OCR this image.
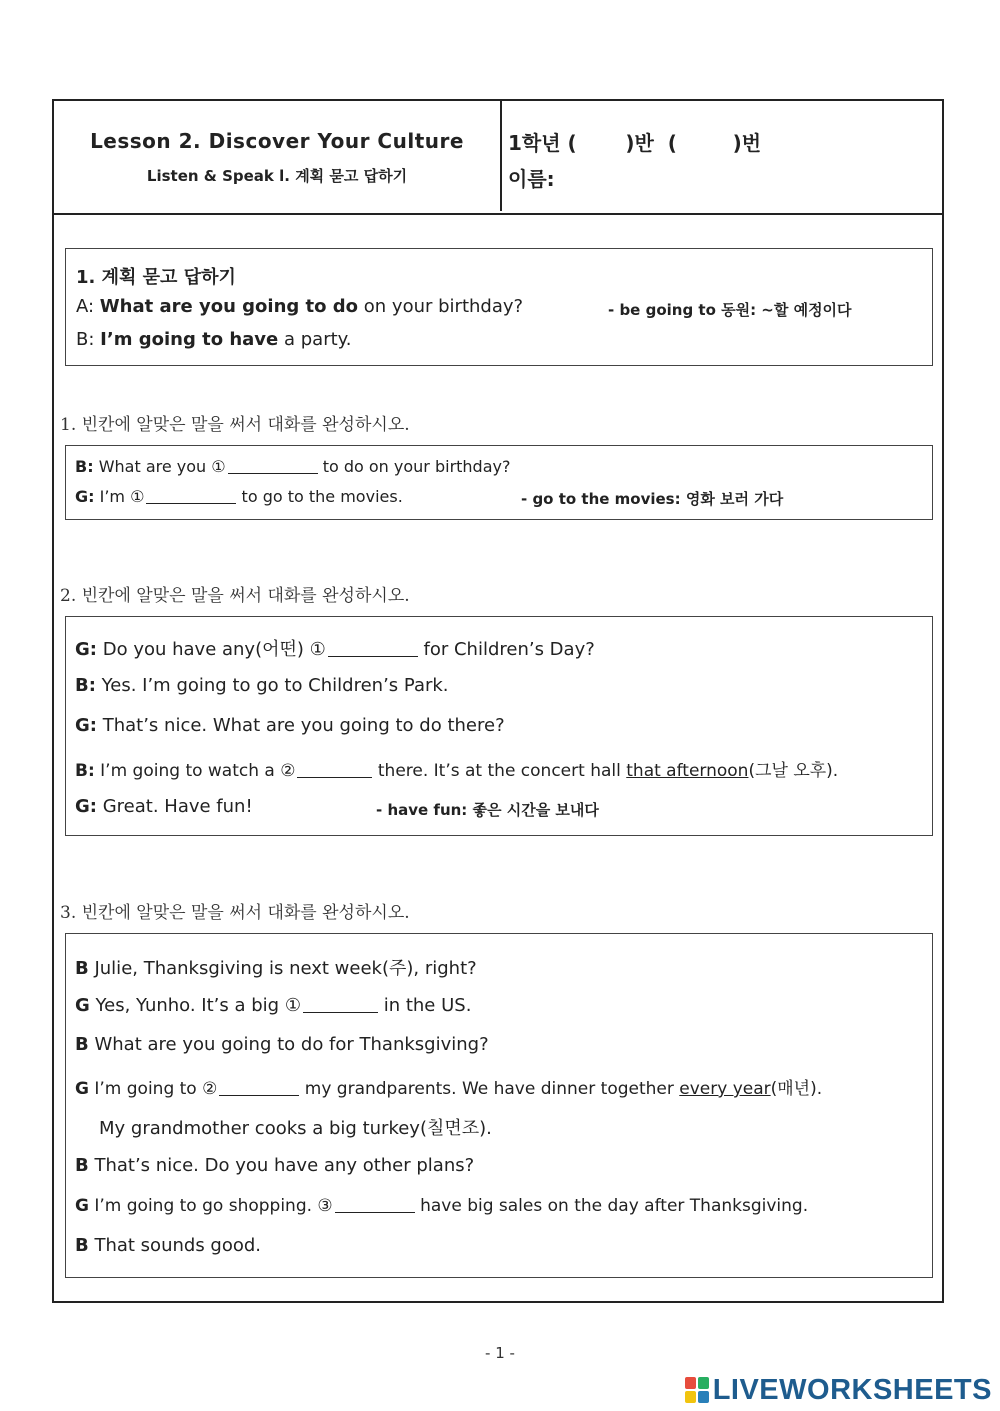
Lesson 2. Discover Your Culture
Listen & Speak l. 계획 묻고 답하기
1학년 (       )반  (        )번
이름:
1. 계획 묻고 답하기
A: What are you going to do on your birthday?	- be going to 동원: ~할 예정이다
B: I’m going to have a party.
1. 빈칸에 알맞은 말을 써서 대화를 완성하시오.
B: What are you ①	to do on your birthday?
G: I’m ①	to go to the movies.	- go to the movies: 영화 보러 가다
2. 빈칸에 알맞은 말을 써서 대화를 완성하시오.
G: Do you have any(어떤) ①	for Children’s Day?
B: Yes. I’m going to go to Children’s Park.
G: That’s nice. What are you going to do there?
B: I’m going to watch a ②	there. It’s at the concert hall that afternoon(그날 오후).
G: Great. Have fun!	- have fun: 좋은 시간을 보내다
3. 빈칸에 알맞은 말을 써서 대화를 완성하시오.
B Julie, Thanksgiving is next week(주), right?
G Yes, Yunho. It’s a big ①	in the US.
B What are you going to do for Thanksgiving?
G I’m going to ②	my grandparents. We have dinner together every year(매년).
My grandmother cooks a big turkey(칠면조).
B That’s nice. Do you have any other plans?
G I’m going to go shopping. ③	have big sales on the day after Thanksgiving.
B That sounds good.
- 1 -
LIVEWORKSHEETS
